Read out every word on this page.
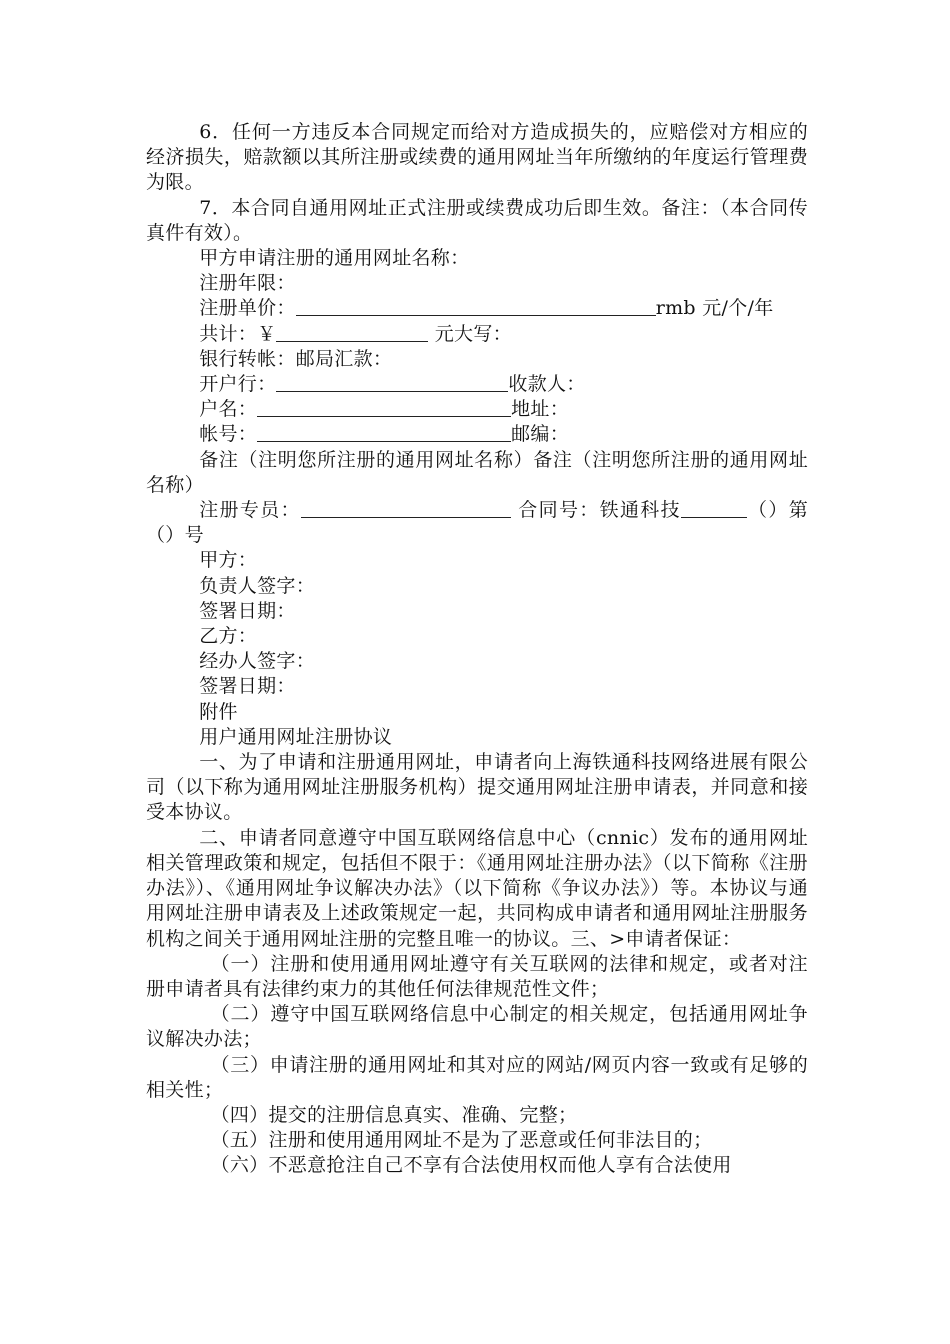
6．任何一方违反本合同规定而给对方造成损失的，应赔偿对方相应的经济损失，赔款额以其所注册或续费的通用网址当年所缴纳的年度运行管理费为限。

7．本合同自通用网址正式注册或续费成功后即生效。备注：（本合同传真件有效）。

甲方申请注册的通用网址名称：

注册年限：

注册单价：	rmb 元/个/年

共计：￥	元大写：

银行转帐：邮局汇款：

开户行：	收款人：

户名：	地址：

帐号：	邮编：

备注（注明您所注册的通用网址名称）备注（注明您所注册的通用网址名称）

注册专员：	合同号：铁通科技	（）第（）号

甲方：

负责人签字：

签署日期：

乙方：

经办人签字：

签署日期：

附件

用户通用网址注册协议

一、为了申请和注册通用网址，申请者向上海铁通科技网络进展有限公司（以下称为通用网址注册服务机构）提交通用网址注册申请表，并同意和接受本协议。

二、申请者同意遵守中国互联网络信息中心（cnnic）发布的通用网址相关管理政策和规定，包括但不限于：《通用网址注册办法》（以下简称《注册办法》）、《通用网址争议解决办法》（以下简称《争议办法》）等。本协议与通用网址注册申请表及上述政策规定一起，共同构成申请者和通用网址注册服务机构之间关于通用网址注册的完整且唯一的协议。三、>申请者保证：

（一）注册和使用通用网址遵守有关互联网的法律和规定，或者对注册申请者具有法律约束力的其他任何法律规范性文件；

（二）遵守中国互联网络信息中心制定的相关规定，包括通用网址争议解决办法；

（三）申请注册的通用网址和其对应的网站/网页内容一致或有足够的相关性；

（四）提交的注册信息真实、准确、完整；

（五）注册和使用通用网址不是为了恶意或任何非法目的；

（六）不恶意抢注自己不享有合法使用权而他人享有合法使用
